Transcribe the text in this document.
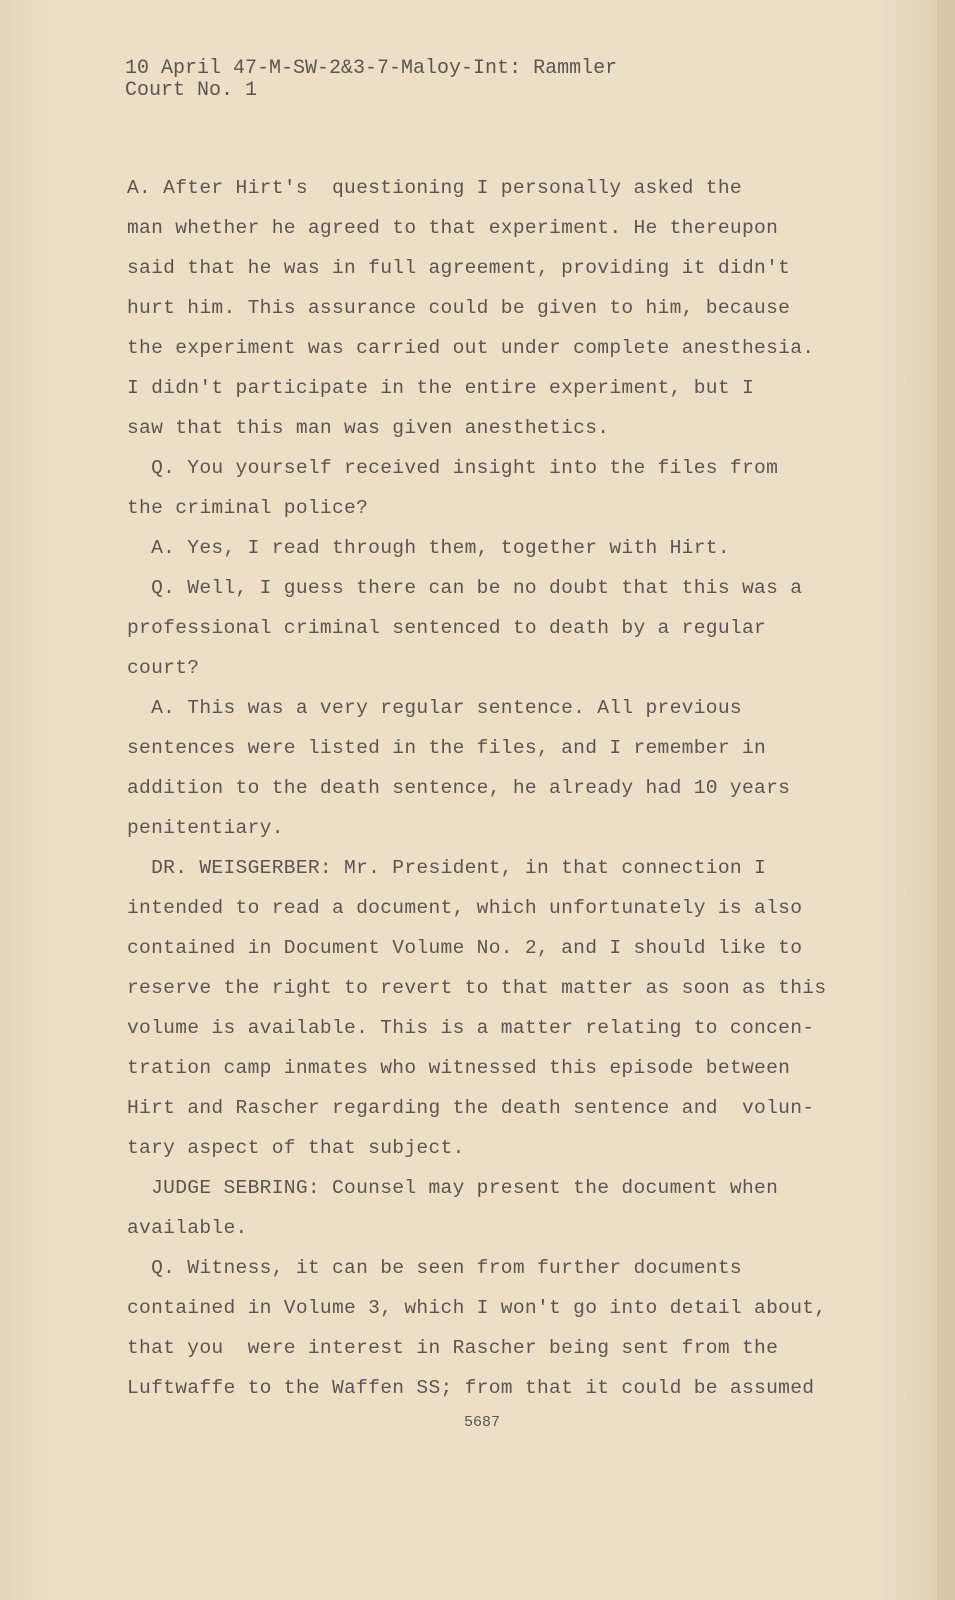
10 April 47-M-SW-2&3-7-Maloy-Int: Rammler
Court No. 1
A. After Hirt's  questioning I personally asked the
man whether he agreed to that experiment. He thereupon
said that he was in full agreement, providing it didn't
hurt him. This assurance could be given to him, because
the experiment was carried out under complete anesthesia.
I didn't participate in the entire experiment, but I
saw that this man was given anesthetics.
Q. You yourself received insight into the files from
the criminal police?
A. Yes, I read through them, together with Hirt.
Q. Well, I guess there can be no doubt that this was a
professional criminal sentenced to death by a regular
court?
A. This was a very regular sentence. All previous
sentences were listed in the files, and I remember in
addition to the death sentence, he already had 10 years
penitentiary.
DR. WEISGERBER: Mr. President, in that connection I
intended to read a document, which unfortunately is also
contained in Document Volume No. 2, and I should like to
reserve the right to revert to that matter as soon as this
volume is available. This is a matter relating to concen-
tration camp inmates who witnessed this episode between
Hirt and Rascher regarding the death sentence and  volun-
tary aspect of that subject.
JUDGE SEBRING: Counsel may present the document when
available.
Q. Witness, it can be seen from further documents
contained in Volume 3, which I won't go into detail about,
that you  were interest in Rascher being sent from the
Luftwaffe to the Waffen SS; from that it could be assumed
5687
